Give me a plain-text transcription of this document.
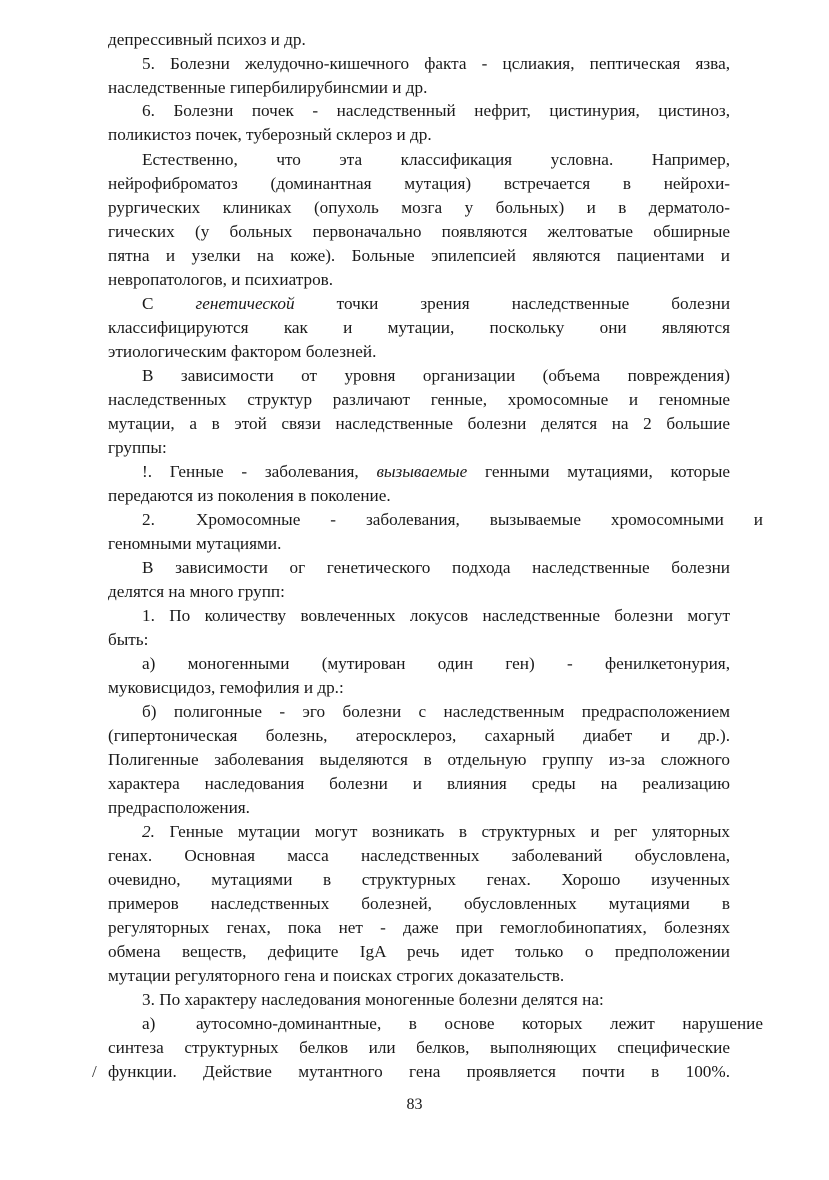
депрессивный психоз и др.
5. Болезни желудочно-кишечного факта - цслиакия, пептическая язва,
наследственные гипербилирубинсмии и др.
6. Болезни почек - наследственный нефрит, цистинурия, цистиноз,
поликистоз почек, туберозный склероз и др.
Естественно, что эта классификация условна. Например,
нейрофиброматоз (доминантная мутация) встречается в нейрохи-
рургических клиниках (опухоль мозга у больных) и в дерматоло-
гических (у больных первоначально появляются желтоватые обширные
пятна и узелки на коже). Больные эпилепсией являются пациентами и
невропатологов, и психиатров.
С генетической точки зрения наследственные болезни
классифицируются как и мутации, поскольку они являются
этиологическим фактором болезней.
В зависимости от уровня организации (объема повреждения)
наследственных структур различают генные, хромосомные и геномные
мутации, а в этой связи наследственные болезни делятся на 2 большие
группы:
!. Генные - заболевания, вызываемые генными мутациями, которые
передаются из поколения в поколение.
2. Хромосомные - заболевания, вызываемые хромосомными и
геномными мутациями.
В зависимости ог генетического подхода наследственные болезни
делятся на много групп:
1. По количеству вовлеченных локусов наследственные болезни могут
быть:
а) моногенными (мутирован один ген) - фенилкетонурия,
муковисцидоз, гемофилия и др.:
б) полигонные - эго болезни с наследственным предрасположением
(гипертоническая болезнь, атеросклероз, сахарный диабет и др.).
Полигенные заболевания выделяются в отдельную группу из-за сложного
характера наследования болезни и влияния среды на реализацию
предрасположения.
2. Генные мутации могут возникать в структурных и рег уляторных
генах. Основная масса наследственных заболеваний обусловлена,
очевидно, мутациями в структурных генах. Хорошо изученных
примеров наследственных болезней, обусловленных мутациями в
регуляторных генах, пока нет - даже при гемоглобинопатиях, болезнях
обмена веществ, дефиците IgA речь идет только о предположении
мутации регуляторного гена и поисках строгих доказательств.
3. По характеру наследования моногенные болезни делятся на:
а) аутосомно-доминантные, в основе которых лежит нарушение
синтеза структурных белков или белков, выполняющих специфические
функции. Действие мутантного гена проявляется почти в 100%.
/
83
